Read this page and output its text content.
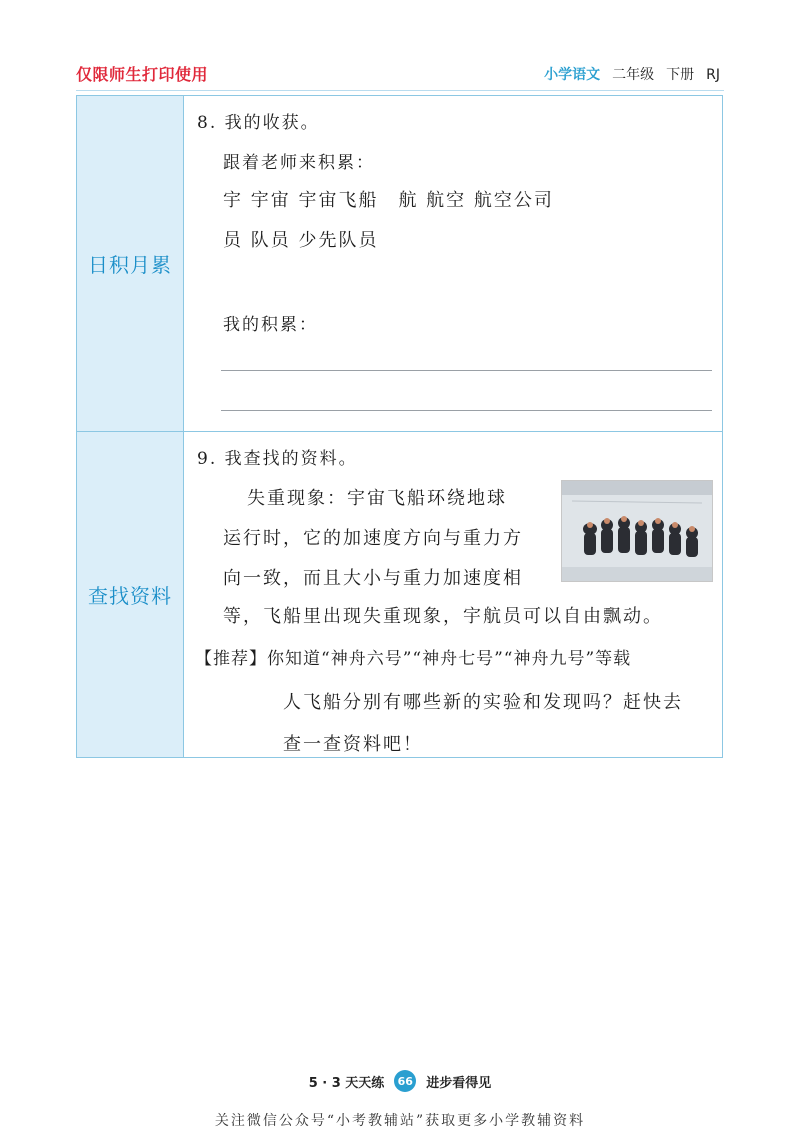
仅限师生打印使用	小学语文 二年级 下册 RJ
日积月累
8. 我的收获。
跟着老师来积累：
宇 宇宙 宇宙飞船 航 航空 航空公司
员 队员 少先队员
我的积累：
查找资料
9. 我查找的资料。
失重现象：宇宙飞船环绕地球
运行时，它的加速度方向与重力方
向一致，而且大小与重力加速度相
等，飞船里出现失重现象，宇航员可以自由飘动。
【推荐】你知道“神舟六号”“神舟七号”“神舟九号”等载
人飞船分别有哪些新的实验和发现吗？赶快去
查一查资料吧！
5 · 3 天天练	66 进步看得见
关注微信公众号“小考教辅站”获取更多小学教辅资料
